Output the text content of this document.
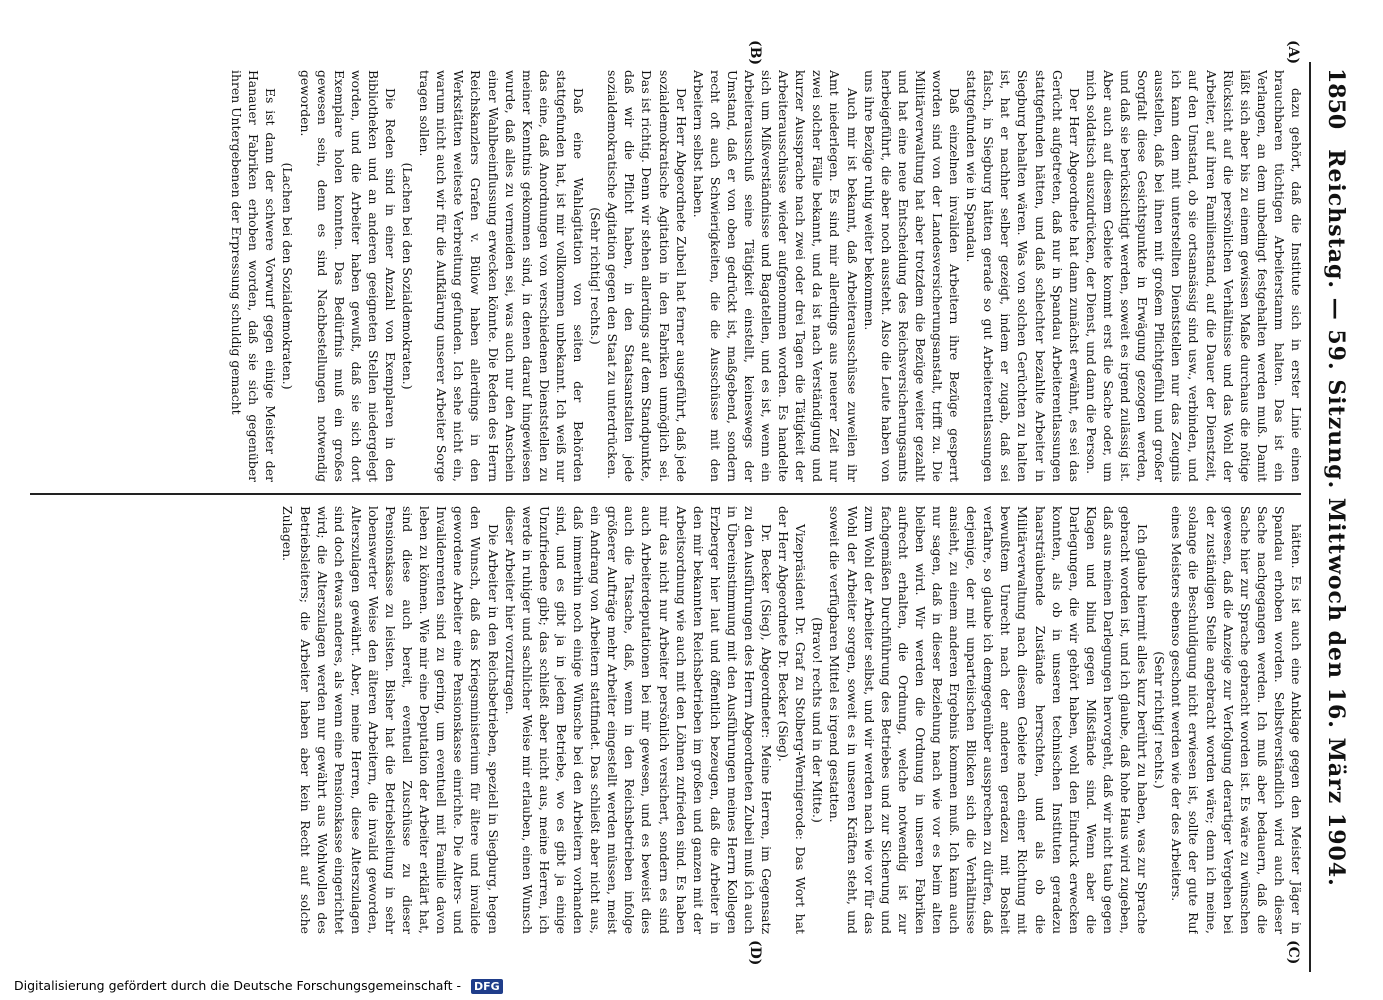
1850
Reichstag. — 59. Sitzung. Mittwoch den 16. März 1904.
(A)
(B)
(C)
(D)

dazu gehört, daß die Institute sich in erster Linie einen brauchbaren tüchtigen Arbeiterstamm halten. Das ist ein Verlangen, an dem unbedingt festgehalten werden muß. Damit läßt sich aber bis zu einem gewissen Maße durchaus die nötige Rücksicht auf die persönlichen Verhältnisse und das Wohl der Arbeiter, auf ihren Familienstand, auf die Dauer der Dienstzeit, auf den Umstand, ob sie ortsansässig sind usw., verbinden, und ich kann dem mit unterstellten Dienststellen nur das Zeugnis ausstellen, daß bei ihnen mit großem Pflichtgefühl und großer Sorgfalt diese Gesichtspunkte in Erwägung gezogen werden, und daß sie berücksichtigt werden, soweit es irgend zulässig ist. Aber auch auf diesem Gebiete kommt erst die Sache oder, um mich soldatisch auszudrücken, der Dienst, und dann die Person.

Der Herr Abgeordnete hat dann zunächst erwähnt, es sei das Gerücht aufgetreten, daß nur in Spandau Arbeiterentlassungen stattgefunden hätten, und daß schlechter bezahlte Arbeiter in Siegburg behalten wären. Was von solchen Gerüchten zu halten ist, hat er nachher selber gezeigt, indem er zugab, daß sei falsch, in Siegburg hätten gerade so gut Arbeiterentlassungen stattgefunden wie in Spandau.

Daß einzelnen invaliden Arbeitern ihre Bezüge gesperrt worden sind von der Landesversicherungsanstalt, trifft zu. Die Militärverwaltung hat aber trotzdem die Bezüge weiter gezahlt und hat eine neue Entscheidung des Reichsversicherungsamts herbeigeführt, die aber noch aussteht. Also die Leute haben von uns ihre Bezüge ruhig weiter bekommen.

Auch mir ist bekannt, daß Arbeiterausschüsse zuweilen ihr Amt niederlegen. Es sind mir allerdings aus neuerer Zeit nur zwei solcher Fälle bekannt, und da ist nach Verständigung und kurzer Aussprache nach zwei oder drei Tagen die Tätigkeit der Arbeiterausschüsse wieder aufgenommen worden. Es handelte sich um Mißverständnisse und Bagatellen, und es ist, wenn ein Arbeiterausschuß seine Tätigkeit einstellt, keineswegs der Umstand, daß er von oben gedrückt ist, maßgebend, sondern recht oft auch Schwierigkeiten, die die Ausschüsse mit den Arbeitern selbst haben.

Der Herr Abgeordnete Zubeil hat ferner ausgeführt, daß jede sozialdemokratische Agitation in den Fabriken unmöglich sei. Das ist richtig. Denn wir stehen allerdings auf dem Standpunkte, daß wir die Pflicht haben, in den Staatsanstalten jede sozialdemokratische Agitation gegen den Staat zu unterdrücken.

(Sehr richtig! rechts.)

Daß eine Wahlagitation von seiten der Behörden stattgefunden hat, ist mir vollkommen unbekannt. Ich weiß nur das eine, daß Anordnungen von verschiedenen Dienststellen zu meiner Kenntnis gekommen sind, in denen darauf hingewiesen wurde, daß alles zu vermeiden sei, was auch nur den Anschein einer Wahlbeeinflussung erwecken könnte. Die Reden des Herrn Reichskanzlers Grafen v. Bülow haben allerdings in den Werkstätten weiteste Verbreitung gefunden. Ich sehe nicht ein, warum nicht auch wir für die Aufklärung unserer Arbeiter Sorge tragen sollen.

(Lachen bei den Sozialdemokraten.)

Die Reden sind in einer Anzahl von Exemplaren in den Bibliotheken und an anderen geeigneten Stellen niedergelegt worden, und die Arbeiter haben gewußt, daß sie sich dort Exemplare holen konnten. Das Bedürfnis muß ein großes gewesen sein, denn es sind Nachbestellungen notwendig geworden.

(Lachen bei den Sozialdemokraten.)

Es ist dann der schwere Vorwurf gegen einige Meister der Hanauer Fabriken erhoben worden, daß sie sich gegenüber ihren Untergebenen der Erpressung schuldig gemacht

hätten. Es ist auch eine Anklage gegen den Meister Jäger in Spandau erhoben worden. Selbstverständlich wird auch dieser Sache nachgegangen werden. Ich muß aber bedauern, daß die Sache hier zur Sprache gebracht worden ist. Es wäre zu wünschen gewesen, daß die Anzeige zur Verfolgung derartiger Vergehen bei der zuständigen Stelle angebracht worden wäre; denn ich meine, solange die Beschuldigung nicht erwiesen ist, sollte der gute Ruf eines Meisters ebenso geschont werden wie der des Arbeiters.

(Sehr richtig! rechts.)

Ich glaube hiermit alles kurz berührt zu haben, was zur Sprache gebracht worden ist, und ich glaube, daß hohe Haus wird zugeben, daß aus meinen Darlegungen hervorgeht, daß wir nicht taub gegen Klagen und blind gegen Mißstände sind. Wenn aber die Darlegungen, die wir gehört haben, wohl den Eindruck erwecken konnten, als ob in unseren technischen Instituten geradezu haarsträubende Zustände herrschten, und als ob die Militärverwaltung nach diesem Gebiete nach einer Richtung mit bewußtem Unrecht nach der anderen geradezu mit Bosheit verfahre, so glaube ich demgegenüber aussprechen zu dürfen, daß derjenige, der mit unparteiischen Blicken sich die Verhältnisse ansieht, zu einem anderen Ergebnis kommen muß. Ich kann auch nur sagen, daß in dieser Beziehung nach wie vor es beim alten bleiben wird. Wir werden die Ordnung in unseren Fabriken aufrecht erhalten, die Ordnung, welche notwendig ist zur fachgemäßen Durchführung des Betriebes und zur Sicherung und zum Wohl der Arbeiter selbst, und wir werden nach wie vor für das Wohl der Arbeiter sorgen, soweit es in unseren Kräften steht, und soweit die verfügbaren Mittel es irgend gestatten.

(Bravo! rechts und in der Mitte.)

Vizepräsident Dr. Graf zu Stolberg-Wernigerode: Das Wort hat der Herr Abgeordnete Dr. Becker (Sieg).

Dr. Becker (Sieg), Abgeordneter: Meine Herren, im Gegensatz zu den Ausführungen des Herrn Abgeordneten Zubeil muß ich auch in Übereinstimmung mit den Ausführungen meines Herrn Kollegen Erzberger hier laut und öffentlich bezeugen, daß die Arbeiter in den mir bekannten Reichsbetrieben im großen und ganzen mit der Arbeitsordnung wie auch mit den Löhnen zufrieden sind. Es haben mir das nicht nur Arbeiter persönlich versichert, sondern es sind auch Arbeiterdeputationen bei mir gewesen, und es beweist dies auch die Tatsache, daß, wenn in den Reichsbetrieben infolge größerer Aufträge mehr Arbeiter eingestellt werden müssen, meist ein Andrang von Arbeitern stattfindet. Das schließt aber nicht aus, daß immerhin noch einige Wünsche bei den Arbeitern vorhanden sind, und es gibt ja in jedem Betriebe, wo es gibt ja einige Unzufriedene gibt; das schließt aber nicht aus, meine Herren, ich werde in ruhiger und sachlicher Weise mir erlauben, einen Wunsch dieser Arbeiter hier vorzutragen.

Die Arbeiter in den Reichsbetrieben, speziell in Siegburg, hegen den Wunsch, daß das Kriegsministerium für ältere und invalide gewordene Arbeiter eine Pensionskasse einrichte. Die Alters- und Invalidenrenten sind zu gering, um eventuell mit Familie davon leben zu können. Wie mir eine Deputation der Arbeiter erklärt hat, sind diese auch bereit, eventuell Zuschüsse zu dieser Pensionskasse zu leisten. Bisher hat die Betriebsleitung in sehr lobenswerter Weise den älteren Arbeitern, die invalid geworden, Alterszulagen gewährt. Aber, meine Herren, diese Alterszulagen sind doch etwas anderes, als wenn eine Pensionskasse eingerichtet wird; die Alterszulagen werden nur gewährt aus Wohlwollen des Betriebsleiters; die Arbeiter haben aber kein Recht auf solche Zulagen.

Digitalisierung gefördert durch die Deutsche Forschungsgemeinschaft - DFG
